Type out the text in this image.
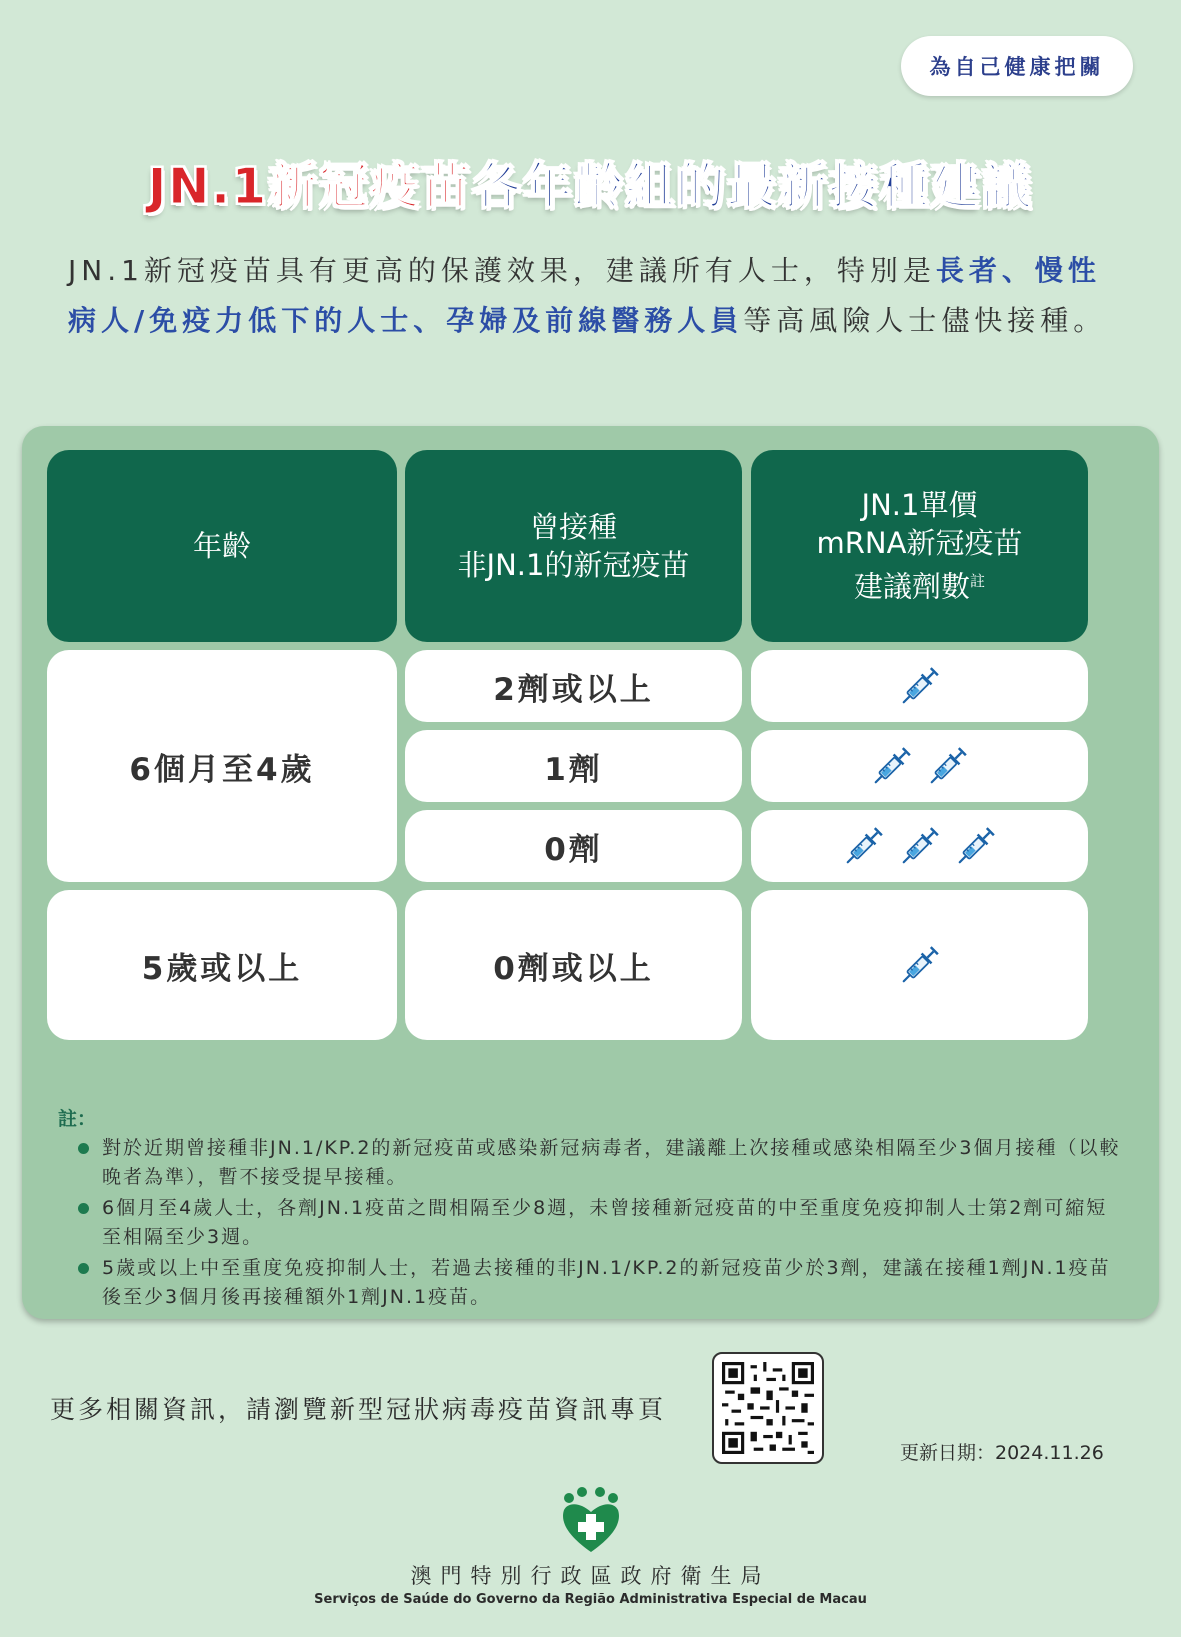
為自己健康把關
JN.1新冠疫苗各年齡組的最新接種建議
JN.1新冠疫苗具有更高的保護效果，建議所有人士，特別是長者、慢性病人/免疫力低下的人士、孕婦及前線醫務人員等高風險人士儘快接種。
年齡
曾接種
非JN.1的新冠疫苗
JN.1單價
mRNA新冠疫苗
建議劑數$^註$
6個月至4歲
2劑或以上
1劑
0劑
5歲或以上	0劑或以上
註：
對於近期曾接種非JN.1/KP.2的新冠疫苗或感染新冠病毒者，建議離上次接種或感染相隔至少3個月接種（以較晚者為準），暫不接受提早接種。
6個月至4歲人士，各劑JN.1疫苗之間相隔至少8週，未曾接種新冠疫苗的中至重度免疫抑制人士第2劑可縮短至相隔至少3週。
5歲或以上中至重度免疫抑制人士，若過去接種的非JN.1/KP.2的新冠疫苗少於3劑，建議在接種1劑JN.1疫苗後至少3個月後再接種額外1劑JN.1疫苗。
更多相關資訊，請瀏覽新型冠狀病毒疫苗資訊專頁
更新日期：2024.11.26
澳門特別行政區政府衛生局
Serviços de Saúde do Governo da Região Administrativa Especial de Macau
